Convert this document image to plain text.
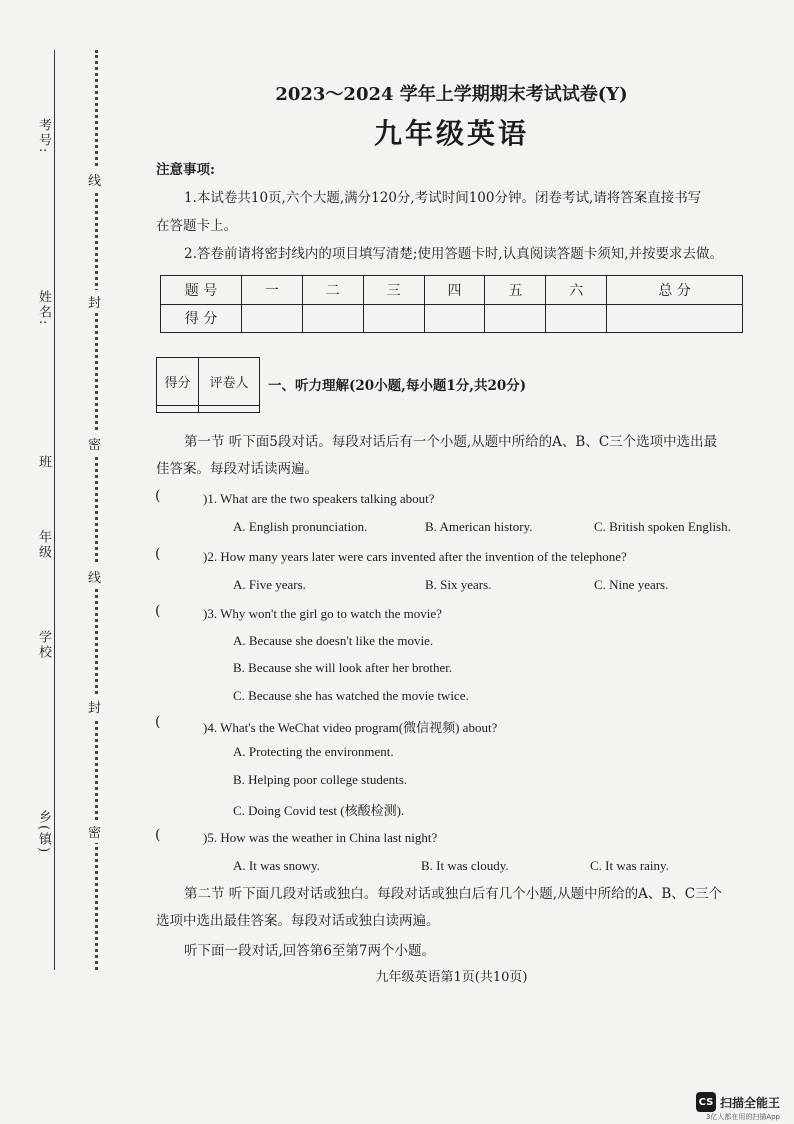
考号:
姓名:
班
年级
学校
乡(镇)
线
封
密
线
封
密
2023～2024 学年上学期期末考试试卷(Y)
九年级英语
注意事项:
1.本试卷共10页,六个大题,满分120分,考试时间100分钟。闭卷考试,请将答案直接书写
在答题卡上。
2.答卷前请将密封线内的项目填写清楚;使用答题卡时,认真阅读答题卡须知,并按要求去做。
题 号	一	二	三	四	五	六	总 分
得 分							
得分	评卷人
	一、听力理解(20小题,每小题1分,共20分)
第一节 听下面5段对话。每段对话后有一个小题,从题中所给的A、B、C三个选项中选出最
佳答案。每段对话读两遍。
(	)1. What are the two speakers talking about?
A. English pronunciation.	B. American history.	C. British spoken English.
(	)2. How many years later were cars invented after the invention of the telephone?
A. Five years.	B. Six years.	C. Nine years.
(	)3. Why won't the girl go to watch the movie?
A. Because she doesn't like the movie.
B. Because she will look after her brother.
C. Because she has watched the movie twice.
(	)4. What's the WeChat video program(微信视频) about?
A. Protecting the environment.
B. Helping poor college students.
C. Doing Covid test (核酸检测).
(	)5. How was the weather in China last night?
A. It was snowy.	B. It was cloudy.	C. It was rainy.
第二节 听下面几段对话或独白。每段对话或独白后有几个小题,从题中所给的A、B、C三个
选项中选出最佳答案。每段对话或独白读两遍。
听下面一段对话,回答第6至第7两个小题。
九年级英语第1页(共10页)
CS 扫描全能王
3亿人都在用的扫描App
